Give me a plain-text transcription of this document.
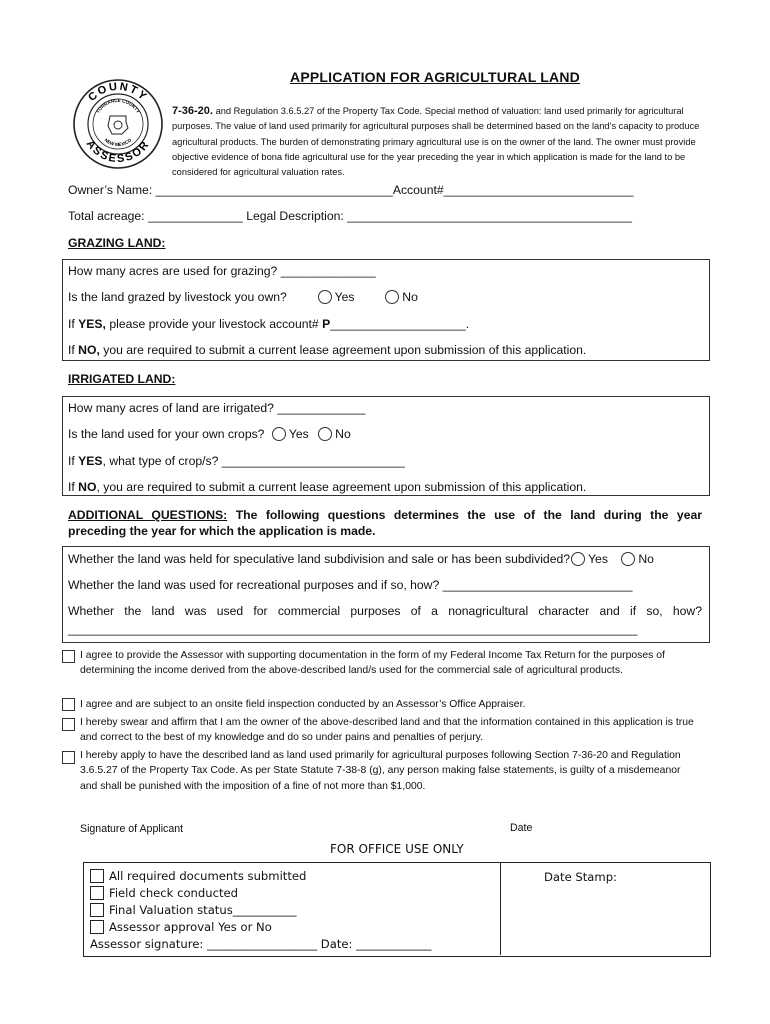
COUNTY
ASSESSOR
TORRANCE COUNTY
NEW MEXICO
APPLICATION FOR AGRICULTURAL LAND
7-36-20. and Regulation 3.6.5.27 of the Property Tax Code. Special method of valuation: land used primarily for agricultural purposes. The value of land used primarily for agricultural purposes shall be determined based on the land’s capacity to produce agricultural products. The burden of demonstrating primary agricultural use is on the owner of the land. The owner must provide objective evidence of bona fide agricultural use for the year preceding the year in which application is made for the land to be considered for agricultural valuation rates.
Owner’s Name: ___________________________________Account#____________________________
Total acreage: ______________ Legal Description: __________________________________________
GRAZING LAND:
How many acres are used for grazing? ______________
Is the land grazed by livestock you own?	Yes	No
If YES, please provide your livestock account# P____________________.
If NO, you are required to submit a current lease agreement upon submission of this application.
IRRIGATED LAND:
How many acres of land are irrigated? _____________
Is the land used for your own crops? Yes No
If YES, what type of crop/s? ___________________________
If NO, you are required to submit a current lease agreement upon submission of this application.
ADDITIONAL QUESTIONS: The following questions determines the use of the land during the year
preceding the year for which the application is made.
Whether the land was held for speculative land subdivision and sale or has been subdivided? Yes No
Whether the land was used for recreational purposes and if so, how? ____________________________
Whether the land was used for commercial purposes of a nonagricultural character and if so, how?
____________________________________________________________________________________
I agree to provide the Assessor with supporting documentation in the form of my Federal Income Tax Return for the purposes of determining the income derived from the above-described land/s used for the commercial sale of agricultural products.
I agree and are subject to an onsite field inspection conducted by an Assessor’s Office Appraiser.
I hereby swear and affirm that I am the owner of the above-described land and that the information contained in this application is true and correct to the best of my knowledge and do so under pains and penalties of perjury.
I hereby apply to have the described land as land used primarily for agricultural purposes following Section 7-36-20 and Regulation 3.6.5.27 of the Property Tax Code. As per State Statute 7-38-8 (g), any person making false statements, is guilty of a misdemeanor and shall be punished with the imposition of a fine of not more than $1,000.
Signature of Applicant	Date
FOR OFFICE USE ONLY
All required documents submitted
Field check conducted
Final Valuation status___________
Assessor approval Yes or No
Assessor signature: ___________________ Date: _____________
Date Stamp:
